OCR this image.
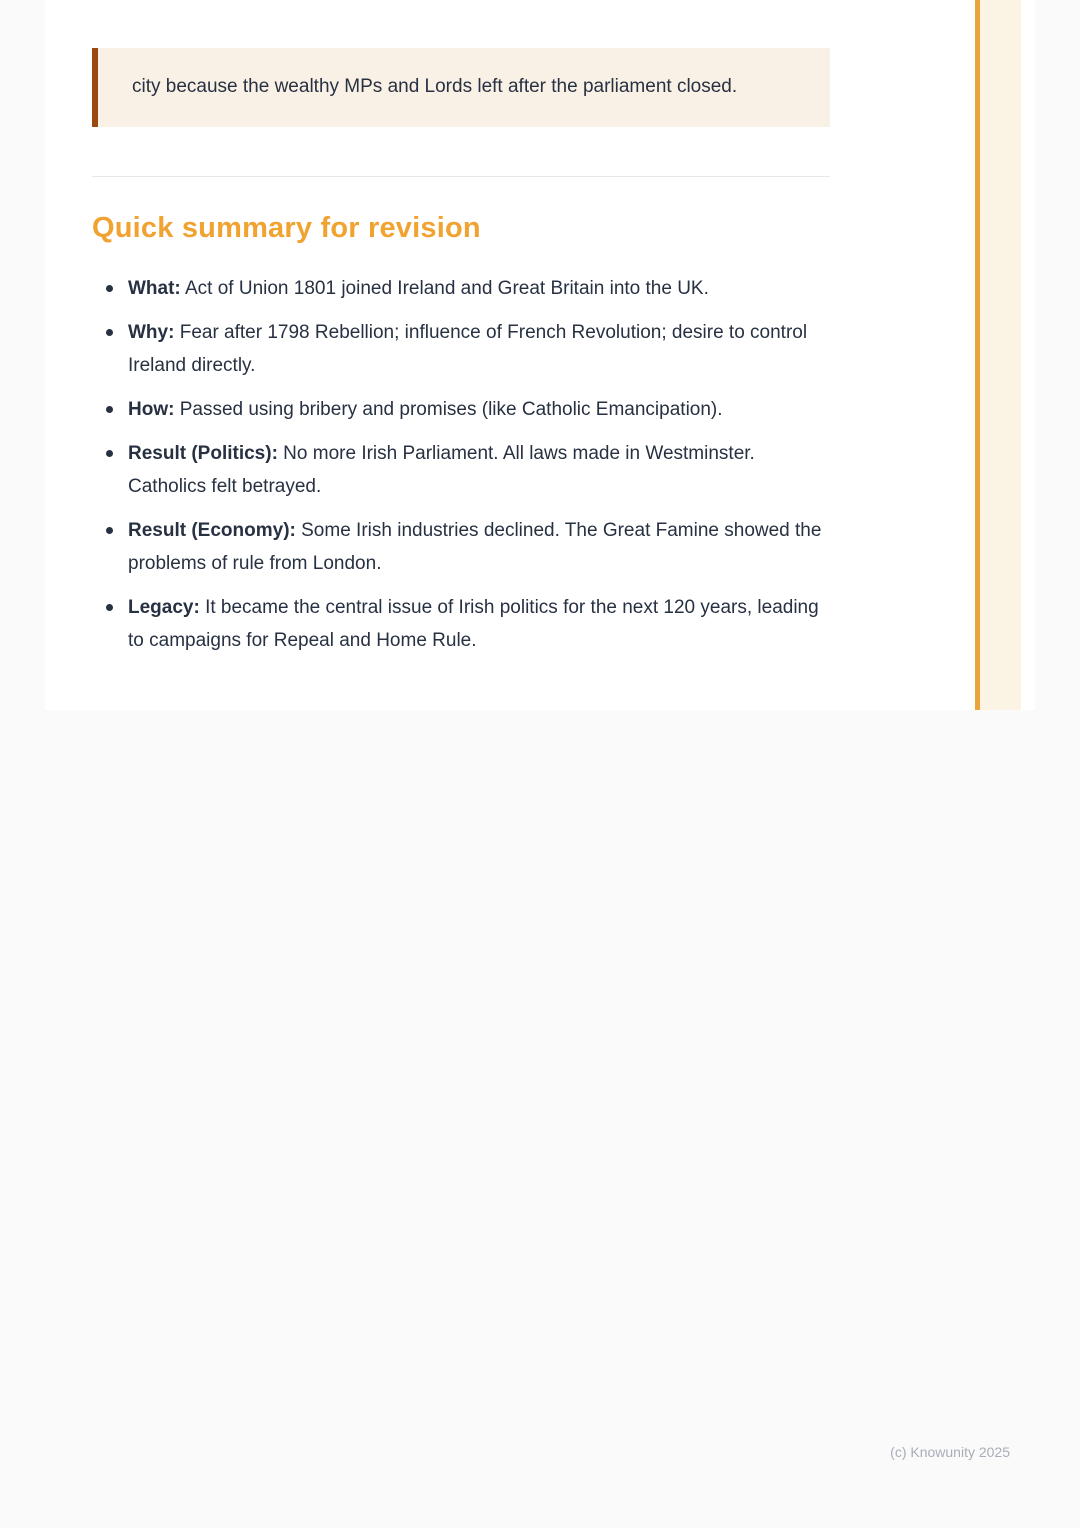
city because the wealthy MPs and Lords left after the parliament closed.

Quick summary for revision
What: Act of Union 1801 joined Ireland and Great Britain into the UK.
Why: Fear after 1798 Rebellion; influence of French Revolution; desire to control Ireland directly.
How: Passed using bribery and promises (like Catholic Emancipation).
Result (Politics): No more Irish Parliament. All laws made in Westminster. Catholics felt betrayed.
Result (Economy): Some Irish industries declined. The Great Famine showed the problems of rule from London.
Legacy: It became the central issue of Irish politics for the next 120 years, leading to campaigns for Repeal and Home Rule.
(c) Knowunity 2025
